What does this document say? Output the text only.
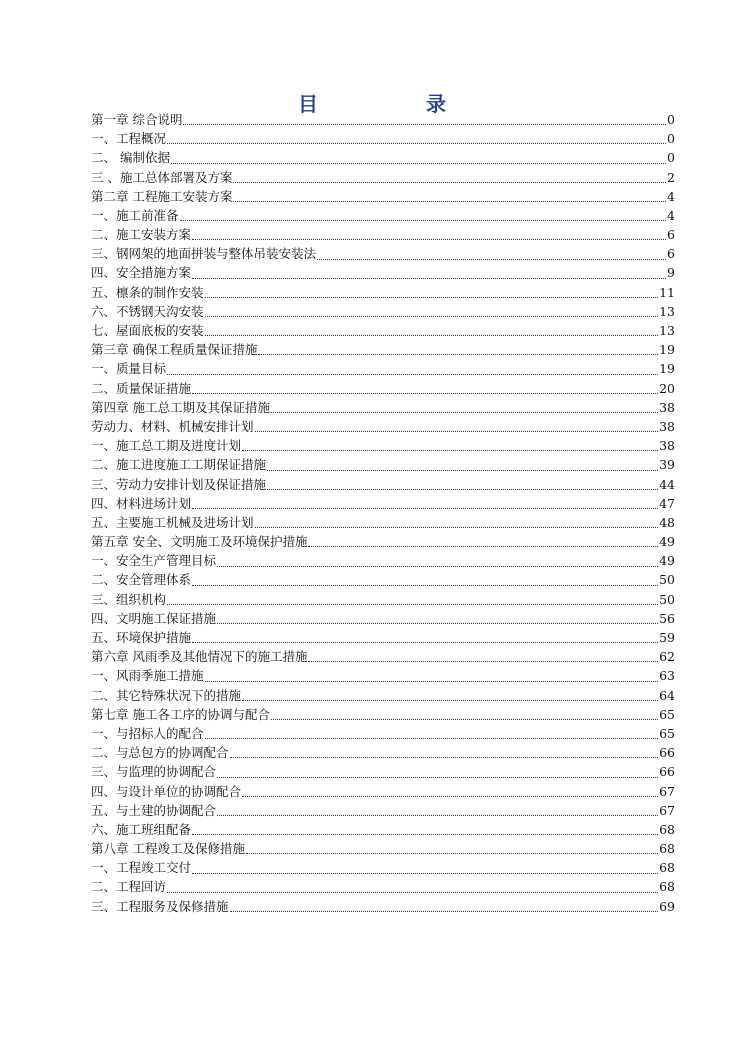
目　录
第一章 综合说明	0
一、工程概况	0
二、 编制依据	0
三 、施工总体部署及方案	2
第二章 工程施工安装方案	4
一、施工前准备	4
二、施工安装方案	6
三、钢网架的地面拼装与整体吊装安装法	6
四、安全措施方案	9
五、檩条的制作安装	11
六、不锈钢天沟安装	13
七、屋面底板的安装	13
第三章 确保工程质量保证措施	19
一、质量目标	19
二、质量保证措施	20
第四章 施工总工期及其保证措施	38
劳动力、材料、机械安排计划	38
一、施工总工期及进度计划	38
二、施工进度施工工期保证措施	39
三、劳动力安排计划及保证措施	44
四、材料进场计划	47
五、主要施工机械及进场计划	48
第五章 安全、文明施工及环境保护措施	49
一、安全生产管理目标	49
二、安全管理体系	50
三、组织机构	50
四、文明施工保证措施	56
五、环境保护措施	59
第六章 风雨季及其他情况下的施工措施	62
一、风雨季施工措施	63
二、其它特殊状况下的措施	64
第七章 施工各工序的协调与配合	65
一、与招标人的配合	65
二、与总包方的协调配合	66
三、与监理的协调配合	66
四、与设计单位的协调配合	67
五、与土建的协调配合	67
六、施工班组配备	68
第八章 工程竣工及保修措施	68
一、工程竣工交付	68
二、工程回访	68
三、工程服务及保修措施	69
